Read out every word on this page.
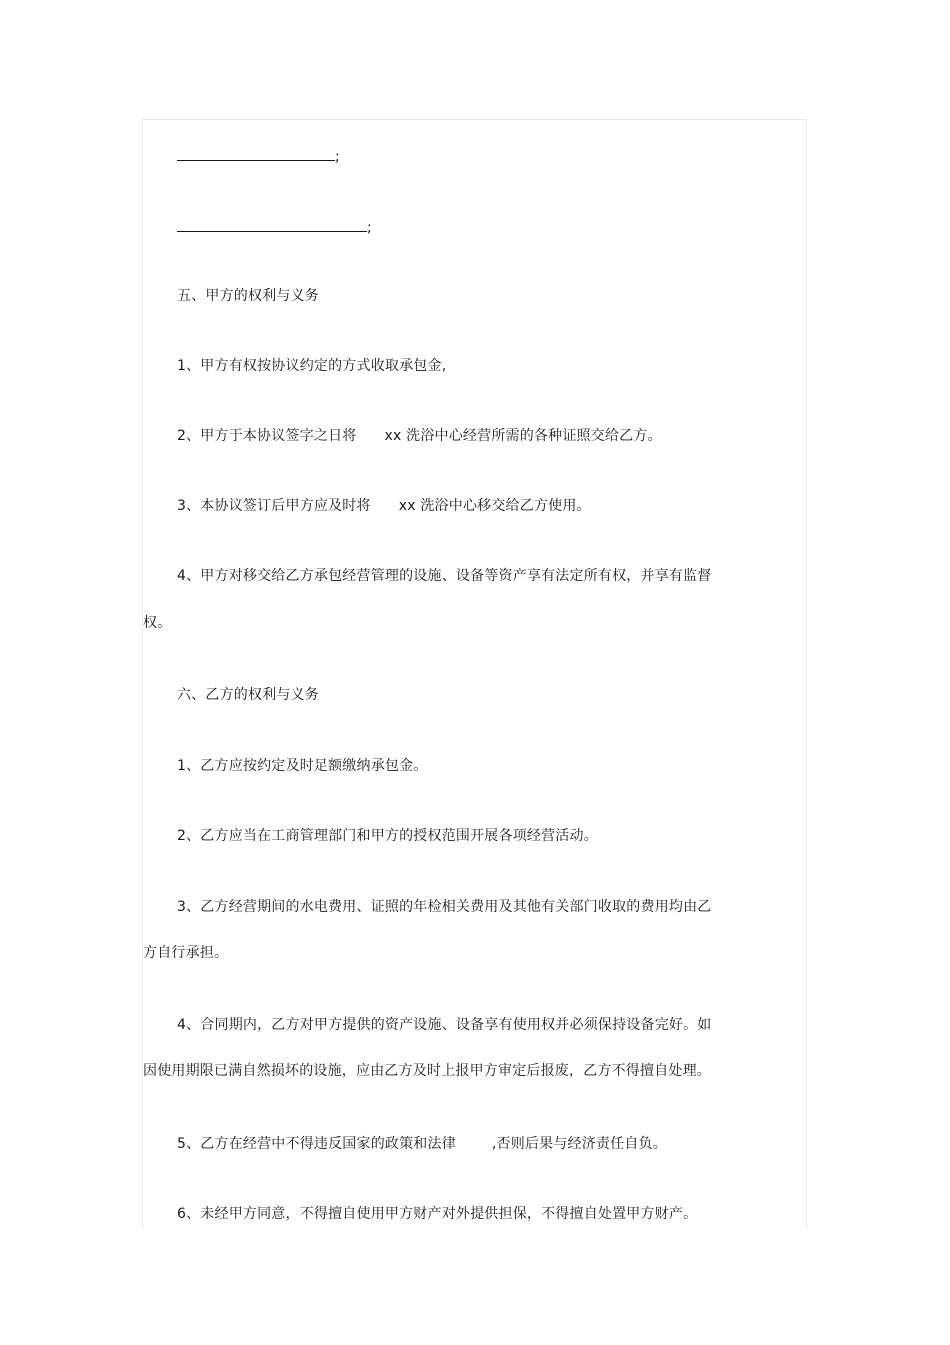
;
;
五、甲方的权利与义务
1、甲方有权按协议约定的方式收取承包金,
2、甲方于本协议签字之日将 xx 洗浴中心经营所需的各种证照交给乙方。
3、本协议签订后甲方应及时将 xx 洗浴中心移交给乙方使用。
4、甲方对移交给乙方承包经营管理的设施、设备等资产享有法定所有权，并享有监督
权。
六、乙方的权利与义务
1、乙方应按约定及时足额缴纳承包金。
2、乙方应当在工商管理部门和甲方的授权范围开展各项经营活动。
3、乙方经营期间的水电费用、证照的年检相关费用及其他有关部门收取的费用均由乙
方自行承担。
4、合同期内，乙方对甲方提供的资产设施、设备享有使用权并必须保持设备完好。如
因使用期限已满自然损坏的设施，应由乙方及时上报甲方审定后报废，乙方不得擅自处理。
5、乙方在经营中不得违反国家的政策和法律	,否则后果与经济责任自负。
6、未经甲方同意，不得擅自使用甲方财产对外提供担保，不得擅自处置甲方财产。
